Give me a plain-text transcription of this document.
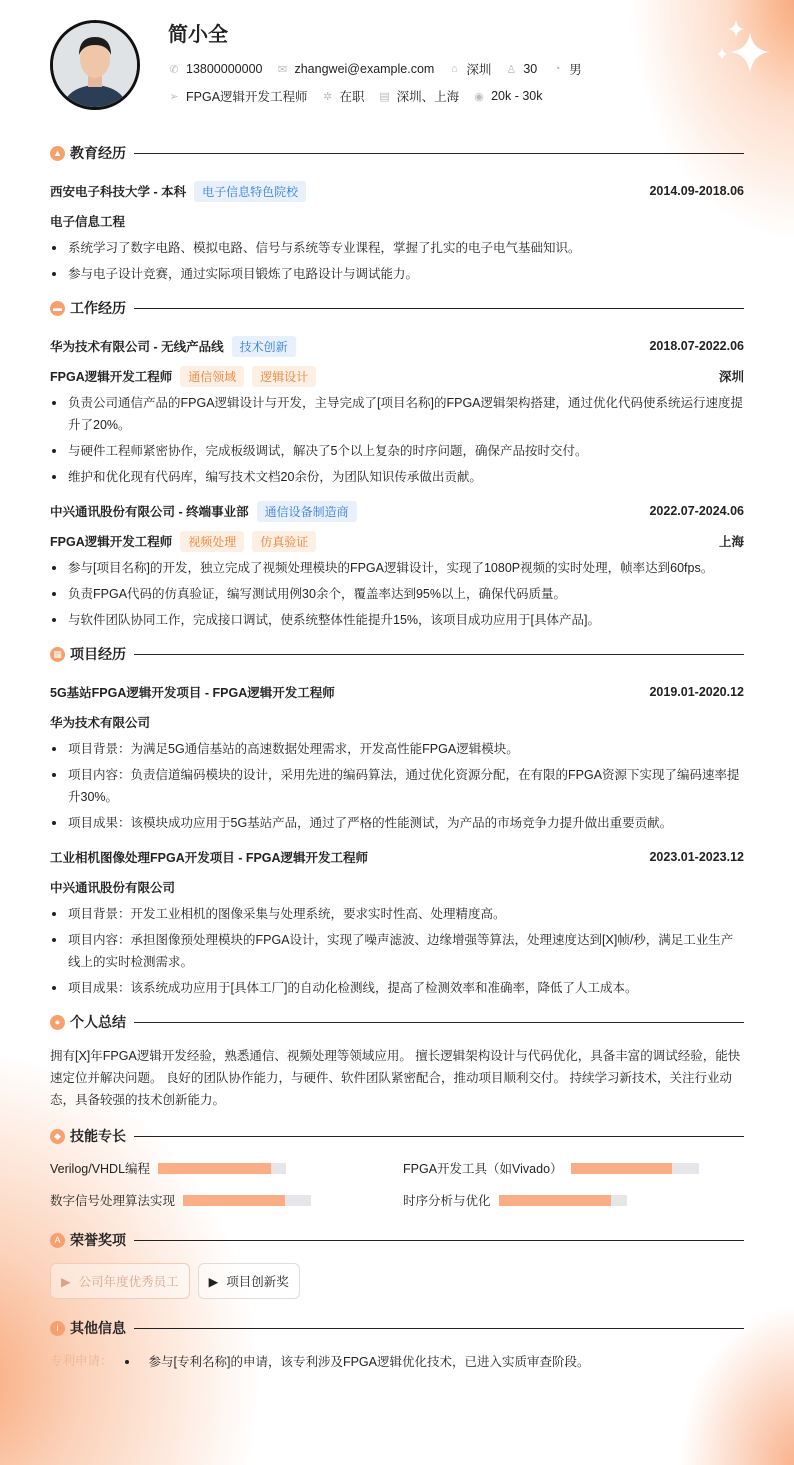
简小全
✆ 13800000000 ✉ zhangwei@example.com ⌂ 深圳 ♙ 30 ◔ 男
➢ FPGA逻辑开发工程师 ✲ 在职 ▤ 深圳、上海 ◉ 20k - 30k
▲ 教育经历
西安电子科技大学 - 本科	电子信息特色院校	2014.09-2018.06
电子信息工程
系统学习了数字电路、模拟电路、信号与系统等专业课程，掌握了扎实的电子电气基础知识。
参与电子设计竞赛，通过实际项目锻炼了电路设计与调试能力。
▬ 工作经历
华为技术有限公司 - 无线产品线	技术创新	2018.07-2022.06
FPGA逻辑开发工程师	通信领域	逻辑设计	深圳
负责公司通信产品的FPGA逻辑设计与开发，主导完成了[项目名称]的FPGA逻辑架构搭建，通过优化代码使系统运行速度提升了20%。
与硬件工程师紧密协作，完成板级调试，解决了5个以上复杂的时序问题，确保产品按时交付。
维护和优化现有代码库，编写技术文档20余份，为团队知识传承做出贡献。
中兴通讯股份有限公司 - 终端事业部	通信设备制造商	2022.07-2024.06
FPGA逻辑开发工程师	视频处理	仿真验证	上海
参与[项目名称]的开发，独立完成了视频处理模块的FPGA逻辑设计，实现了1080P视频的实时处理，帧率达到60fps。
负责FPGA代码的仿真验证，编写测试用例30余个，覆盖率达到95%以上，确保代码质量。
与软件团队协同工作，完成接口调试，使系统整体性能提升15%，该项目成功应用于[具体产品]。
▦ 项目经历
5G基站FPGA逻辑开发项目 - FPGA逻辑开发工程师	2019.01-2020.12
华为技术有限公司
项目背景：为满足5G通信基站的高速数据处理需求，开发高性能FPGA逻辑模块。
项目内容：负责信道编码模块的设计，采用先进的编码算法，通过优化资源分配，在有限的FPGA资源下实现了编码速率提升30%。
项目成果：该模块成功应用于5G基站产品，通过了严格的性能测试，为产品的市场竞争力提升做出重要贡献。
工业相机图像处理FPGA开发项目 - FPGA逻辑开发工程师	2023.01-2023.12
中兴通讯股份有限公司
项目背景：开发工业相机的图像采集与处理系统，要求实时性高、处理精度高。
项目内容：承担图像预处理模块的FPGA设计，实现了噪声滤波、边缘增强等算法，处理速度达到[X]帧/秒，满足工业生产线上的实时检测需求。
项目成果：该系统成功应用于[具体工厂]的自动化检测线，提高了检测效率和准确率，降低了人工成本。
● 个人总结

拥有[X]年FPGA逻辑开发经验，熟悉通信、视频处理等领域应用。 擅长逻辑架构设计与代码优化，具备丰富的调试经验，能快速定位并解决问题。 良好的团队协作能力，与硬件、软件团队紧密配合，推动项目顺利交付。 持续学习新技术，关注行业动态，具备较强的技术创新能力。

◆ 技能专长
Verilog/VHDL编程	FPGA开发工具（如Vivado）
数字信号处理算法实现	时序分析与优化
A 荣誉奖项
▶ 公司年度优秀员工 ▶ 项目创新奖
i 其他信息
专利申请：	参与[专利名称]的申请，该专利涉及FPGA逻辑优化技术，已进入实质审查阶段。
